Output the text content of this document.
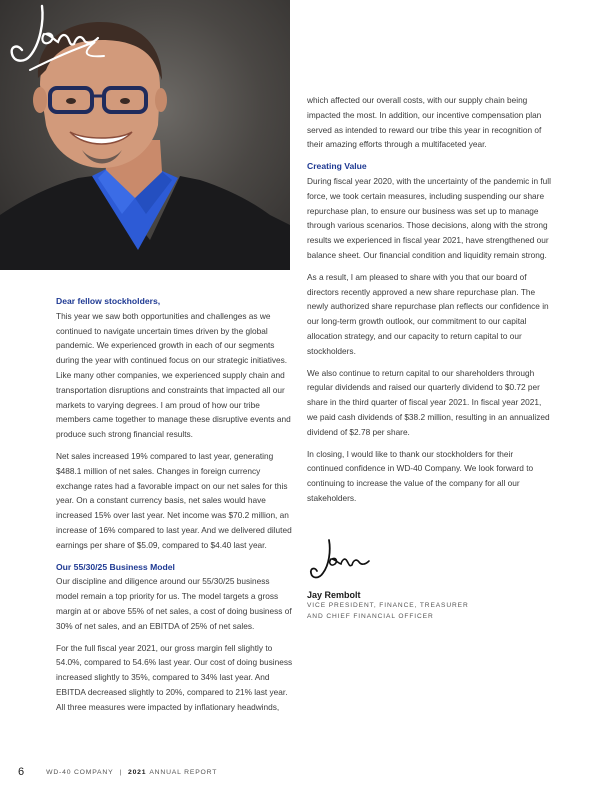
which affected our overall costs, with our supply chain being impacted the most. In addition, our incentive compensation plan served as intended to reward our tribe this year in recognition of their amazing efforts through a multifaceted year.

Creating Value

During fiscal year 2020, with the uncertainty of the pandemic in full force, we took certain measures, including suspending our share repurchase plan, to ensure our business was set up to manage through various scenarios. Those decisions, along with the strong results we experienced in fiscal year 2021, have strengthened our balance sheet. Our financial condition and liquidity remain strong.

As a result, I am pleased to share with you that our board of directors recently approved a new share repurchase plan. The newly authorized share repurchase plan reflects our confidence in our long-term growth outlook, our commitment to our capital allocation strategy, and our capacity to return capital to our stockholders.

We also continue to return capital to our shareholders through regular dividends and raised our quarterly dividend to $0.72 per share in the third quarter of fiscal year 2021. In fiscal year 2021, we paid cash dividends of $38.2 million, resulting in an annualized dividend of $2.78 per share.

In closing, I would like to thank our stockholders for their continued confidence in WD-40 Company. We look forward to continuing to increase the value of the company for all our stakeholders.

Jay Rembolt

VICE PRESIDENT, FINANCE, TREASURER

AND CHIEF FINANCIAL OFFICER

Dear fellow stockholders,

This year we saw both opportunities and challenges as we continued to navigate uncertain times driven by the global pandemic. We experienced growth in each of our segments during the year with continued focus on our strategic initiatives. Like many other companies, we experienced supply chain and transportation disruptions and constraints that impacted all our markets to varying degrees. I am proud of how our tribe members came together to manage these disruptive events and produce such strong financial results.

Net sales increased 19% compared to last year, generating $488.1 million of net sales. Changes in foreign currency exchange rates had a favorable impact on our net sales for this year. On a constant currency basis, net sales would have increased 15% over last year. Net income was $70.2 million, an increase of 16% compared to last year. And we delivered diluted earnings per share of $5.09, compared to $4.40 last year.

Our 55/30/25 Business Model

Our discipline and diligence around our 55/30/25 business model remain a top priority for us. The model targets a gross margin at or above 55% of net sales, a cost of doing business of 30% of net sales, and an EBITDA of 25% of net sales.

For the full fiscal year 2021, our gross margin fell slightly to 54.0%, compared to 54.6% last year. Our cost of doing business increased slightly to 35%, compared to 34% last year. And EBITDA decreased slightly to 20%, compared to 21% last year. All three measures were impacted by inflationary headwinds,

6	WD-40 COMPANY | 2021 ANNUAL REPORT
